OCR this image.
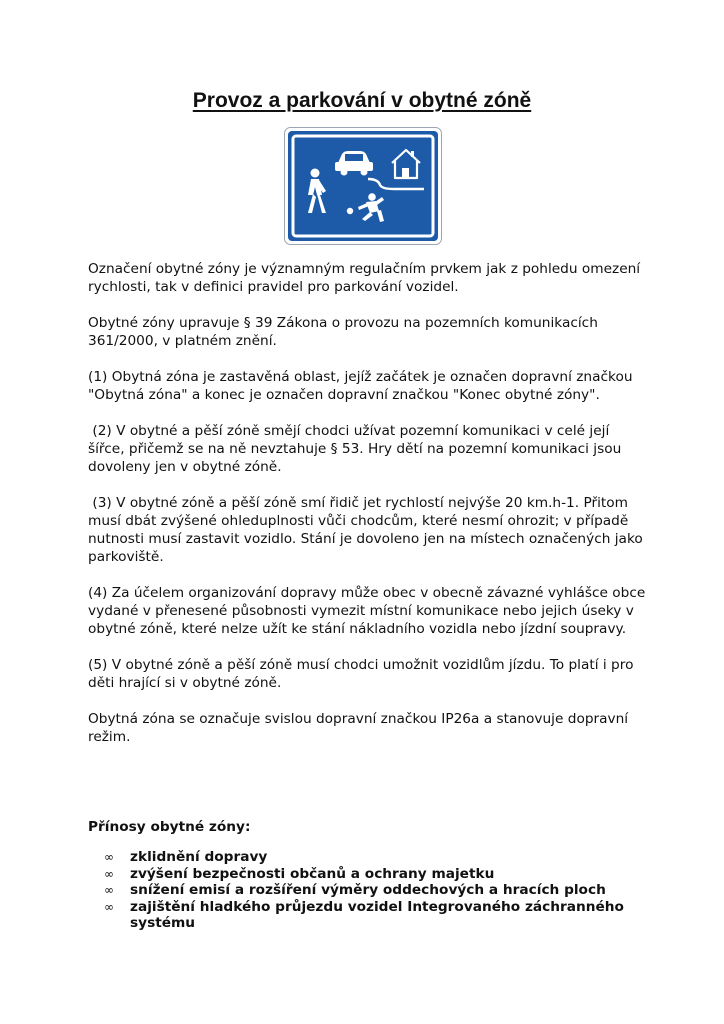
Provoz a parkování v obytné zóně

Označení obytné zóny je významným regulačním prvkem jak z pohledu omezení rychlosti, tak v definici pravidel pro parkování vozidel.

Obytné zóny upravuje § 39 Zákona o provozu na pozemních komunikacích 361/2000, v platném znění.

(1) Obytná zóna je zastavěná oblast, jejíž začátek je označen dopravní značkou "Obytná zóna" a konec je označen dopravní značkou "Konec obytné zóny".

(2) V obytné a pěší zóně smějí chodci užívat pozemní komunikaci v celé její šířce, přičemž se na ně nevztahuje § 53. Hry dětí na pozemní komunikaci jsou dovoleny jen v obytné zóně.

(3) V obytné zóně a pěší zóně smí řidič jet rychlostí nejvýše 20 km.h-1. Přitom musí dbát zvýšené ohleduplnosti vůči chodcům, které nesmí ohrozit; v případě nutnosti musí zastavit vozidlo. Stání je dovoleno jen na místech označených jako parkoviště.

(4) Za účelem organizování dopravy může obec v obecně závazné vyhlášce obce vydané v přenesené působnosti vymezit místní komunikace nebo jejich úseky v obytné zóně, které nelze užít ke stání nákladního vozidla nebo jízdní soupravy.

(5) V obytné zóně a pěší zóně musí chodci umožnit vozidlům jízdu. To platí i pro děti hrající si v obytné zóně.

Obytná zóna se označuje svislou dopravní značkou IP26a a stanovuje dopravní režim.

Přínosy obytné zóny:

∞ zklidnění dopravy
∞ zvýšení bezpečnosti občanů a ochrany majetku
∞ snížení emisí a rozšíření výměry oddechových a hracích ploch
∞ zajištění hladkého průjezdu vozidel Integrovaného záchranného systému
